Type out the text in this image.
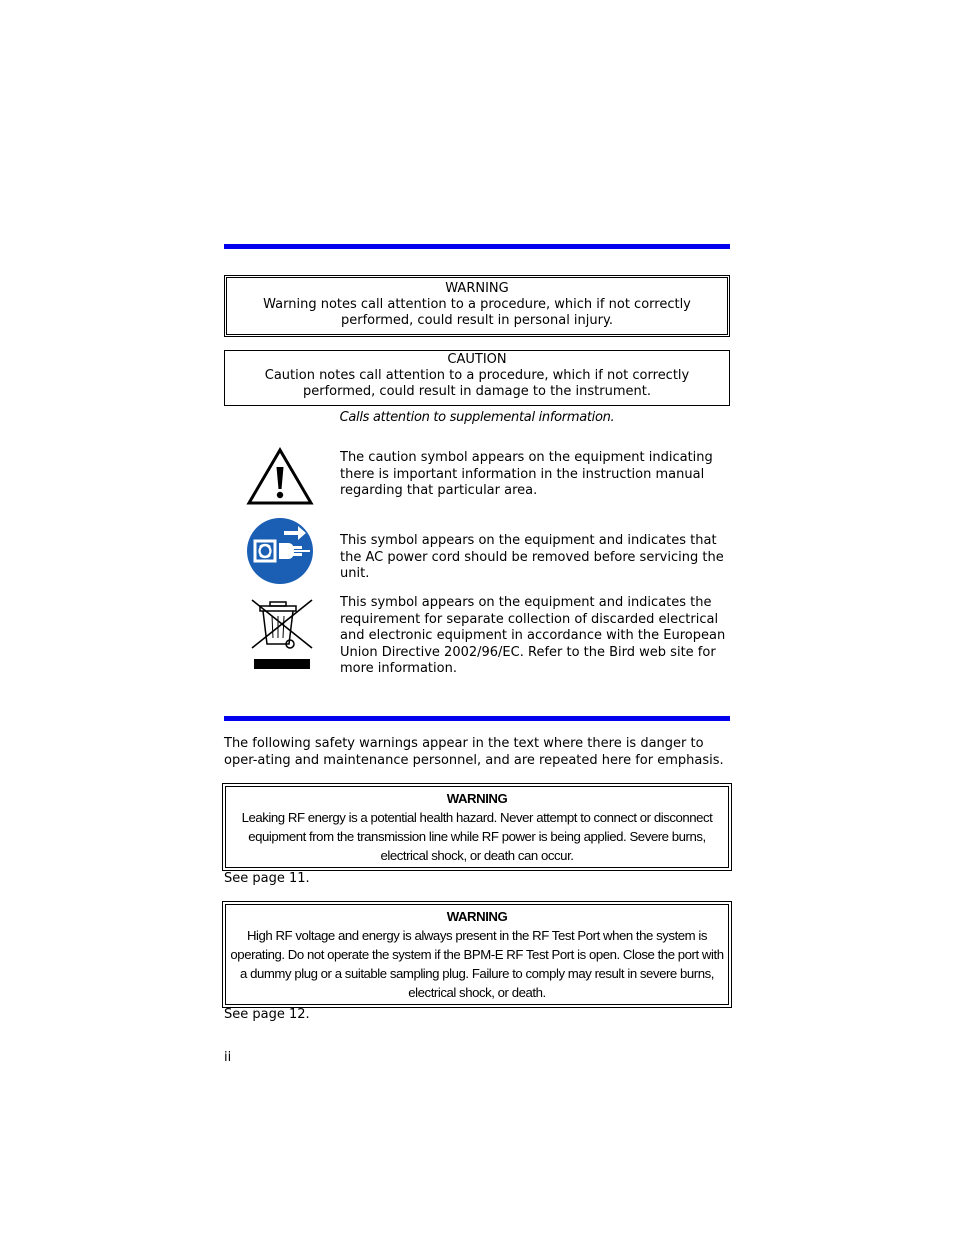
WARNING
Warning notes call attention to a procedure, which if not correctly performed, could result in personal injury.
CAUTION
Caution notes call attention to a procedure, which if not correctly performed, could result in damage to the instrument.
Calls attention to supplemental information.
The caution symbol appears on the equipment indicating there is important information in the instruction manual regarding that particular area.
This symbol appears on the equipment and indicates that the AC power cord should be removed before servicing the unit.
This symbol appears on the equipment and indicates the requirement for separate collection of discarded electrical and electronic equipment in accordance with the European Union Directive 2002/96/EC. Refer to the Bird web site for more information.
The following safety warnings appear in the text where there is danger to oper-ating and maintenance personnel, and are repeated here for emphasis.
WARNING
Leaking RF energy is a potential health hazard. Never attempt to connect or disconnect equipment from the transmission line while RF power is being applied. Severe burns, electrical shock, or death can occur.
See page 11.
WARNING
High RF voltage and energy is always present in the RF Test Port when the system is operating. Do not operate the system if the BPM-E RF Test Port is open. Close the port with a dummy plug or a suitable sampling plug. Failure to comply may result in severe burns, electrical shock, or death.
See page 12.
ii
